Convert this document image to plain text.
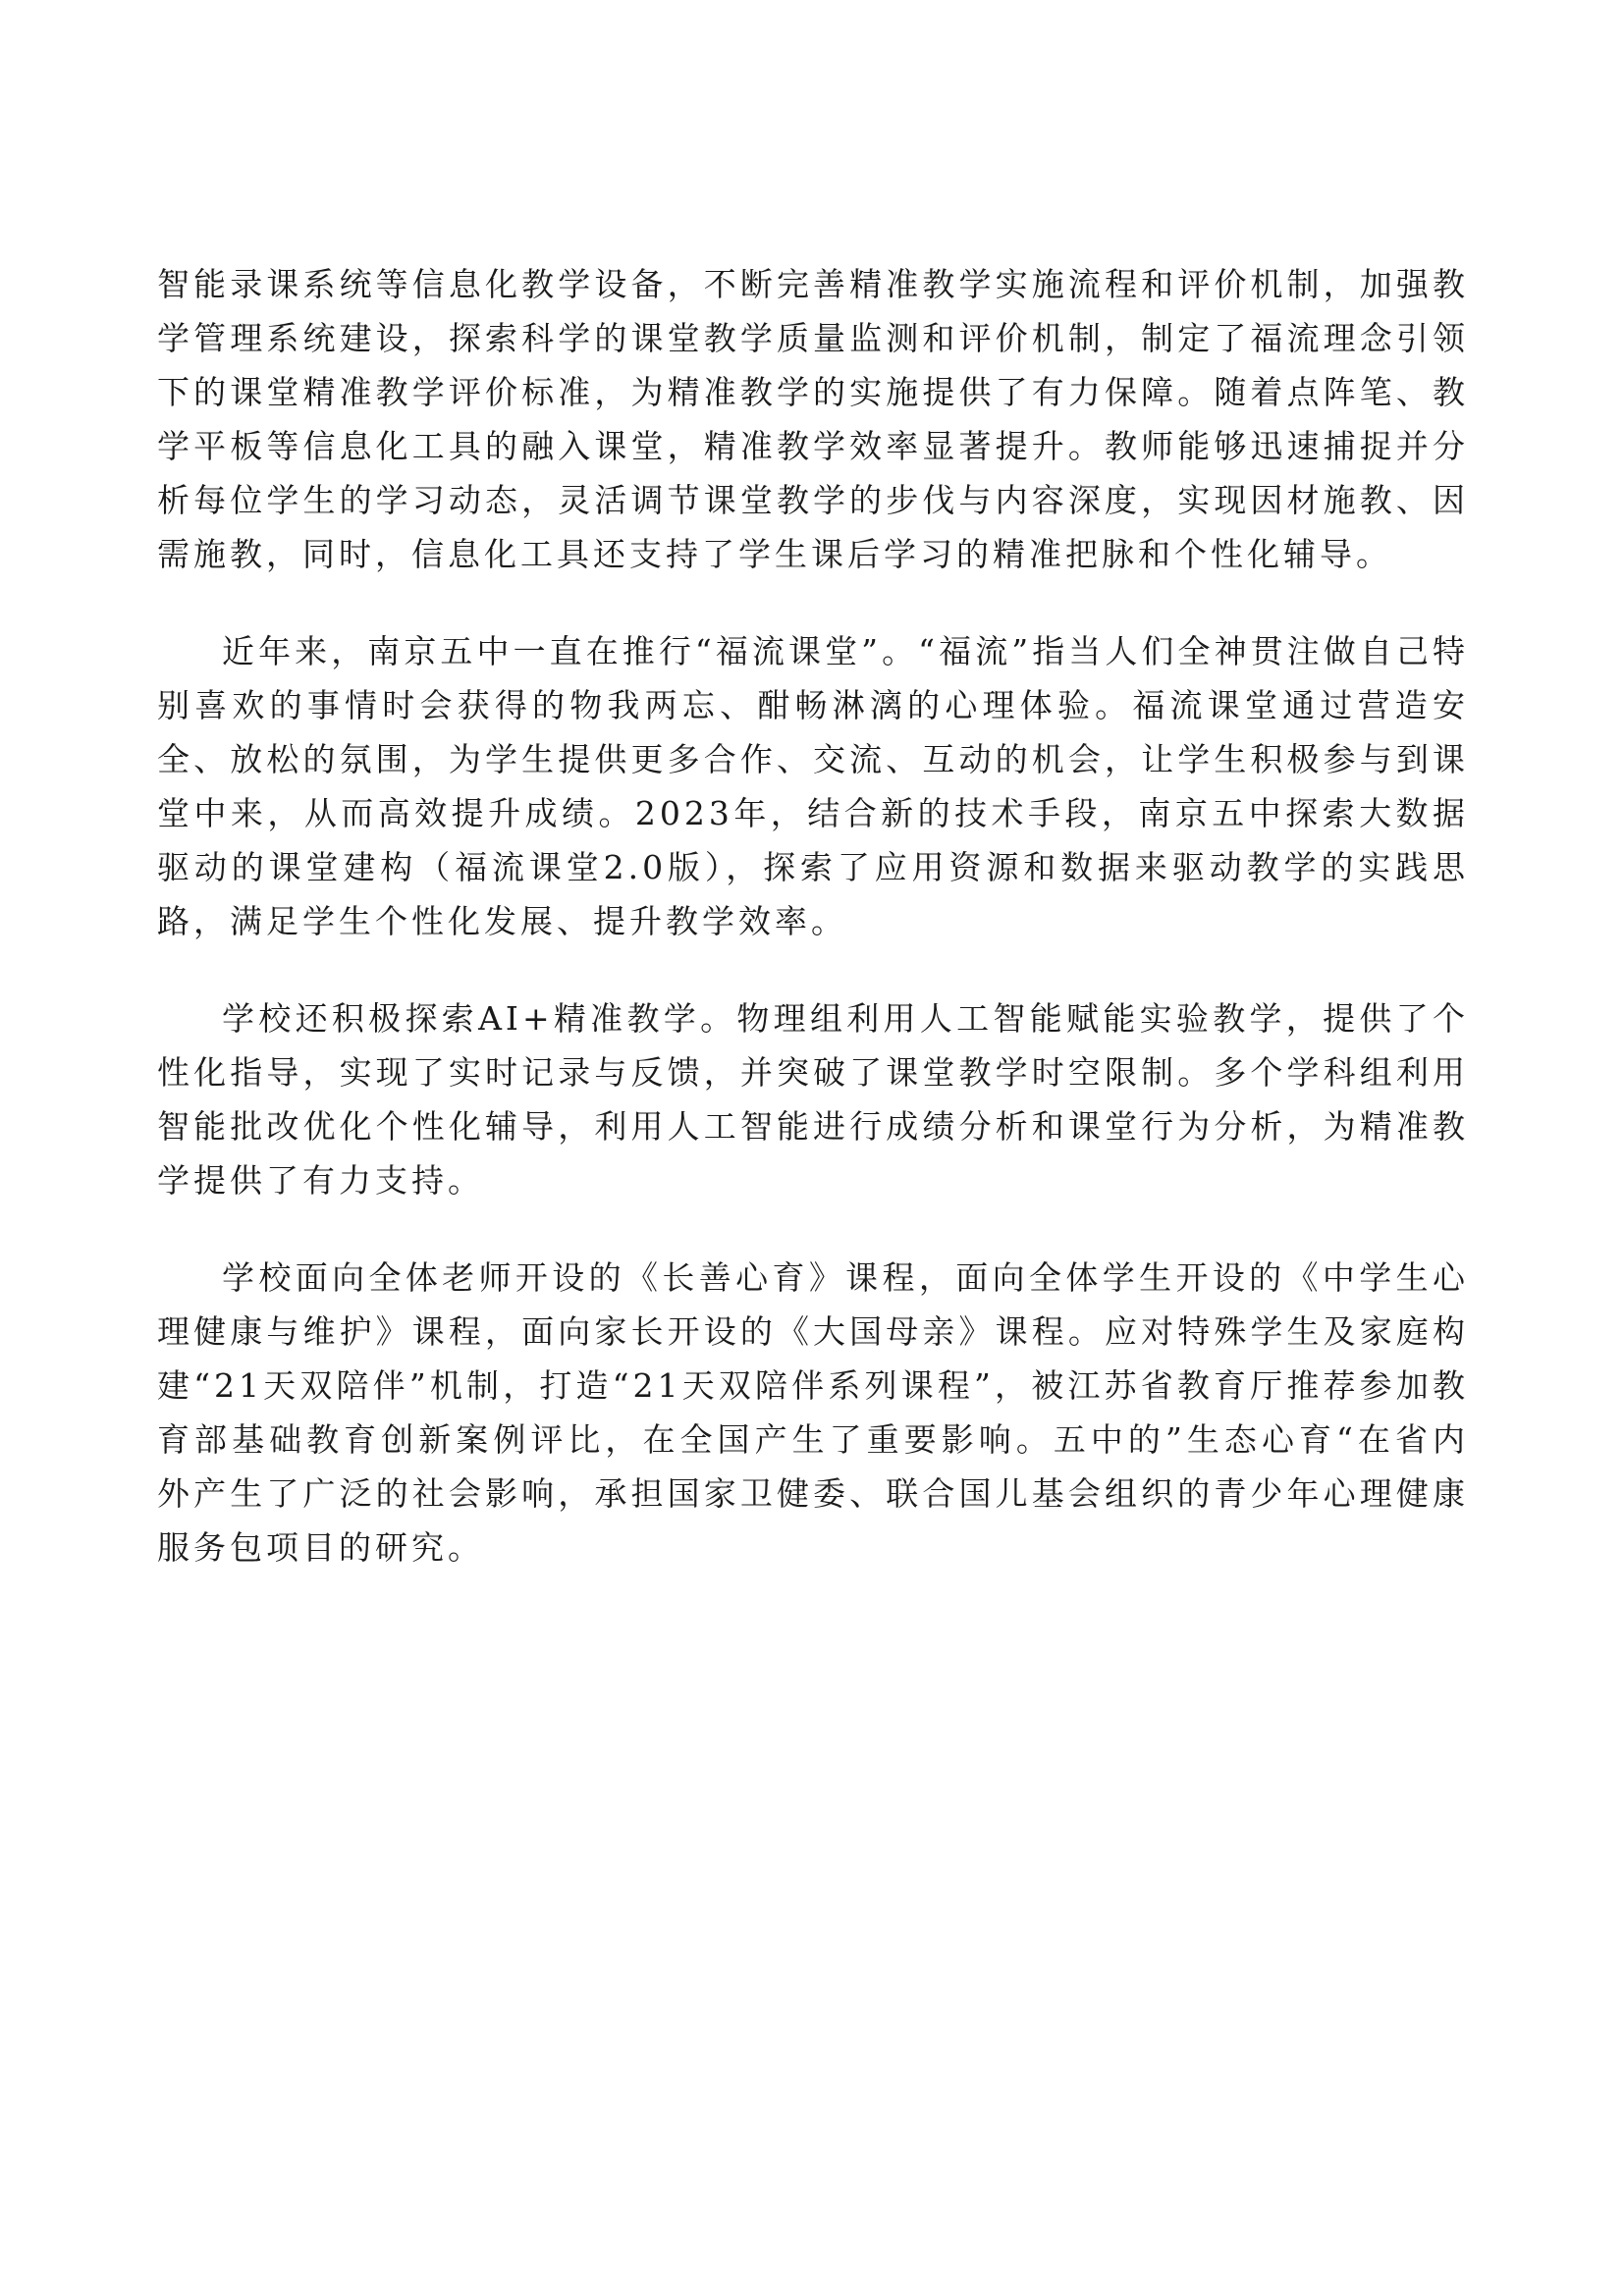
智能录课系统等信息化教学设备，不断完善精准教学实施流程和评价机制，加强教学管理系统建设，探索科学的课堂教学质量监测和评价机制，制定了福流理念引领下的课堂精准教学评价标准，为精准教学的实施提供了有力保障。随着点阵笔、教学平板等信息化工具的融入课堂，精准教学效率显著提升。教师能够迅速捕捉并分析每位学生的学习动态，灵活调节课堂教学的步伐与内容深度，实现因材施教、因需施教，同时，信息化工具还支持了学生课后学习的精准把脉和个性化辅导。

近年来，南京五中一直在推行“福流课堂”。“福流”指当人们全神贯注做自己特别喜欢的事情时会获得的物我两忘、酣畅淋漓的心理体验。福流课堂通过营造安全、放松的氛围，为学生提供更多合作、交流、互动的机会，让学生积极参与到课堂中来，从而高效提升成绩。2023年，结合新的技术手段，南京五中探索大数据驱动的课堂建构（福流课堂2.0版），探索了应用资源和数据来驱动教学的实践思路，满足学生个性化发展、提升教学效率。

学校还积极探索AI+精准教学。物理组利用人工智能赋能实验教学，提供了个性化指导，实现了实时记录与反馈，并突破了课堂教学时空限制。多个学科组利用智能批改优化个性化辅导，利用人工智能进行成绩分析和课堂行为分析，为精准教学提供了有力支持。

学校面向全体老师开设的《长善心育》课程，面向全体学生开设的《中学生心理健康与维护》课程，面向家长开设的《大国母亲》课程。应对特殊学生及家庭构建“21天双陪伴”机制，打造“21天双陪伴系列课程”，被江苏省教育厅推荐参加教育部基础教育创新案例评比，在全国产生了重要影响。五中的”生态心育“在省内外产生了广泛的社会影响，承担国家卫健委、联合国儿基会组织的青少年心理健康服务包项目的研究。
